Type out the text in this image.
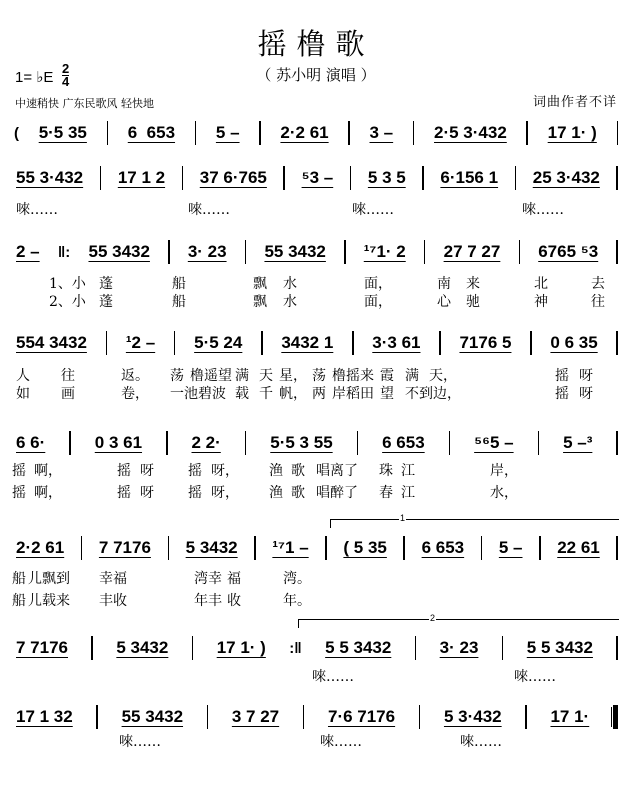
摇橹歌
（ 苏小明 演唱 ）
1= ♭E
2
4
中速稍快 广东民歌风 轻快地	词曲作者不详
( 5·5 35 6  653 5 – 2·2 61 3 – 2·5 3·432 17 1· )
55 3·432 17 1 2 37 6·765 ⁵3 – 5 3 5 6·156 1 25 3·432
唻……	唻……	唻……	唻……
2 – ‖: 55 3432 3· 23 55 3432 ¹⁷1· 2 27 7 27 6765 ⁵3
1、小 蓬	船	飘 水	面，	南 来	北	去
2、小 蓬	船	飘 水	面，	心 驰	神	往
554 3432 ¹2 – 5·5 24 3432 1 3·3 61 7176 5 0 6 35
人 往	返。 荡 橹遥望 满 天 星， 荡 橹摇来 霞 满 天，	摇 呀
如 画	卷， 一池碧波 载 千 帆， 两 岸稻田 望 不到边，	摇 呀
6 6·	0 3 61	2 2·	5·5 3 55	6 653	⁵⁶5 –	5 –³
摇 啊，	摇 呀 摇 呀， 渔 歌 唱离了 珠 江	岸，
摇 啊，	摇 呀 摇 呀， 渔 歌 唱醉了 春 江	水，
2·2 61 7 7176 5 3432 ¹⁷1 – ( 5 35 6 653 5 – 22 61
1
船 儿飘到 幸福	湾幸 福	湾。
船 儿载来 丰收	年丰 收	年。
7 7176	5 3432	17 1· ) :‖ 5 5 3432	3· 23	5 5 3432
2
唻……	唻……
17 1 32	55 3432	3 7 27	7·6 7176	5 3·432	17 1·
唻……	唻……	唻……
